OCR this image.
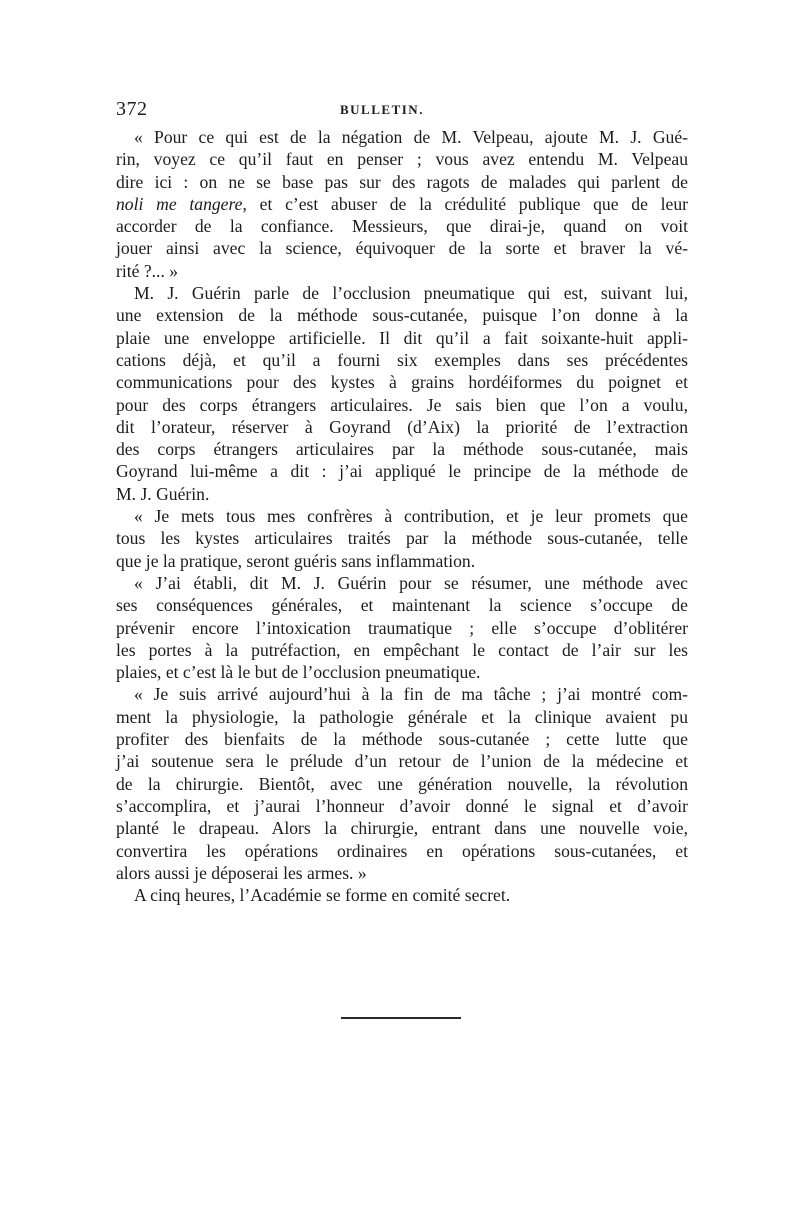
372	BULLETIN.
« Pour ce qui est de la négation de M. Velpeau, ajoute M. J. Gué-
rin, voyez ce qu’il faut en penser ; vous avez entendu M. Velpeau
dire ici : on ne se base pas sur des ragots de malades qui parlent de
noli me tangere, et c’est abuser de la crédulité publique que de leur
accorder de la confiance. Messieurs, que dirai-je, quand on voit
jouer ainsi avec la science, équivoquer de la sorte et braver la vé-
rité ?... »
M. J. Guérin parle de l’occlusion pneumatique qui est, suivant lui,
une extension de la méthode sous-cutanée, puisque l’on donne à la
plaie une enveloppe artificielle. Il dit qu’il a fait soixante-huit appli-
cations déjà, et qu’il a fourni six exemples dans ses précédentes
communications pour des kystes à grains hordéiformes du poignet et
pour des corps étrangers articulaires. Je sais bien que l’on a voulu,
dit l’orateur, réserver à Goyrand (d’Aix) la priorité de l’extraction
des corps étrangers articulaires par la méthode sous-cutanée, mais
Goyrand lui-même a dit : j’ai appliqué le principe de la méthode de
M. J. Guérin.
« Je mets tous mes confrères à contribution, et je leur promets que
tous les kystes articulaires traités par la méthode sous-cutanée, telle
que je la pratique, seront guéris sans inflammation.
« J’ai établi, dit M. J. Guérin pour se résumer, une méthode avec
ses conséquences générales, et maintenant la science s’occupe de
prévenir encore l’intoxication traumatique ; elle s’occupe d’oblitérer
les portes à la putréfaction, en empêchant le contact de l’air sur les
plaies, et c’est là le but de l’occlusion pneumatique.
« Je suis arrivé aujourd’hui à la fin de ma tâche ; j’ai montré com-
ment la physiologie, la pathologie générale et la clinique avaient pu
profiter des bienfaits de la méthode sous-cutanée ; cette lutte que
j’ai soutenue sera le prélude d’un retour de l’union de la médecine et
de la chirurgie. Bientôt, avec une génération nouvelle, la révolution
s’accomplira, et j’aurai l’honneur d’avoir donné le signal et d’avoir
planté le drapeau. Alors la chirurgie, entrant dans une nouvelle voie,
convertira les opérations ordinaires en opérations sous-cutanées, et
alors aussi je déposerai les armes. »
A cinq heures, l’Académie se forme en comité secret.
